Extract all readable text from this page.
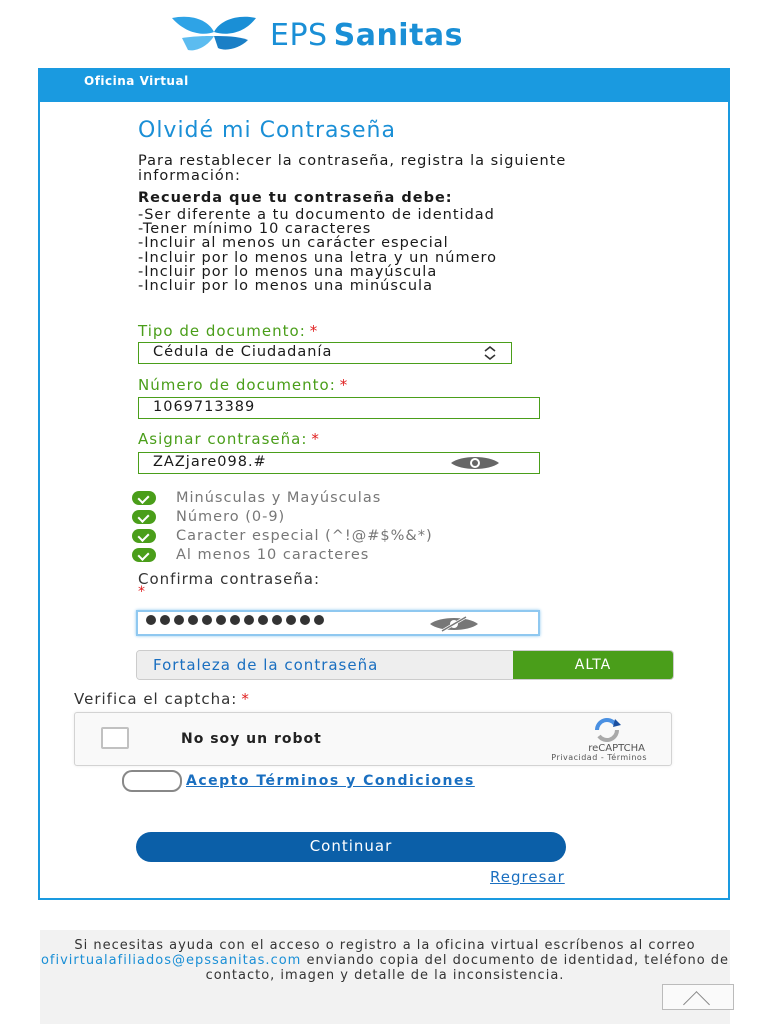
EPS Sanitas
Oficina Virtual
Olvidé mi Contraseña
Para restablecer la contraseña, registra la siguiente información:
Recuerda que tu contraseña debe:
-Ser diferente a tu documento de identidad
-Tener mínimo 10 caracteres
-Incluir al menos un carácter especial
-Incluir por lo menos una letra y un número
-Incluir por lo menos una mayúscula
-Incluir por lo menos una minúscula
Tipo de documento: *
Cédula de Ciudadanía
Número de documento: *
1069713389
Asignar contraseña: *
ZAZjare098.#
Minúsculas y Mayúsculas
Número (0-9)
Caracter especial (^!@#$%&*)
Al menos 10 caracteres
Confirma contraseña:
*
Fortaleza de la contraseña	ALTA
Verifica el captcha: *
No soy un robot
reCAPTCHA
Privacidad - Términos
Acepto Términos y Condiciones
Continuar
Regresar
Si necesitas ayuda con el acceso o registro a la oficina virtual escríbenos al correo ofivirtualafiliados@epssanitas.com enviando copia del documento de identidad, teléfono de contacto, imagen y detalle de la inconsistencia.
